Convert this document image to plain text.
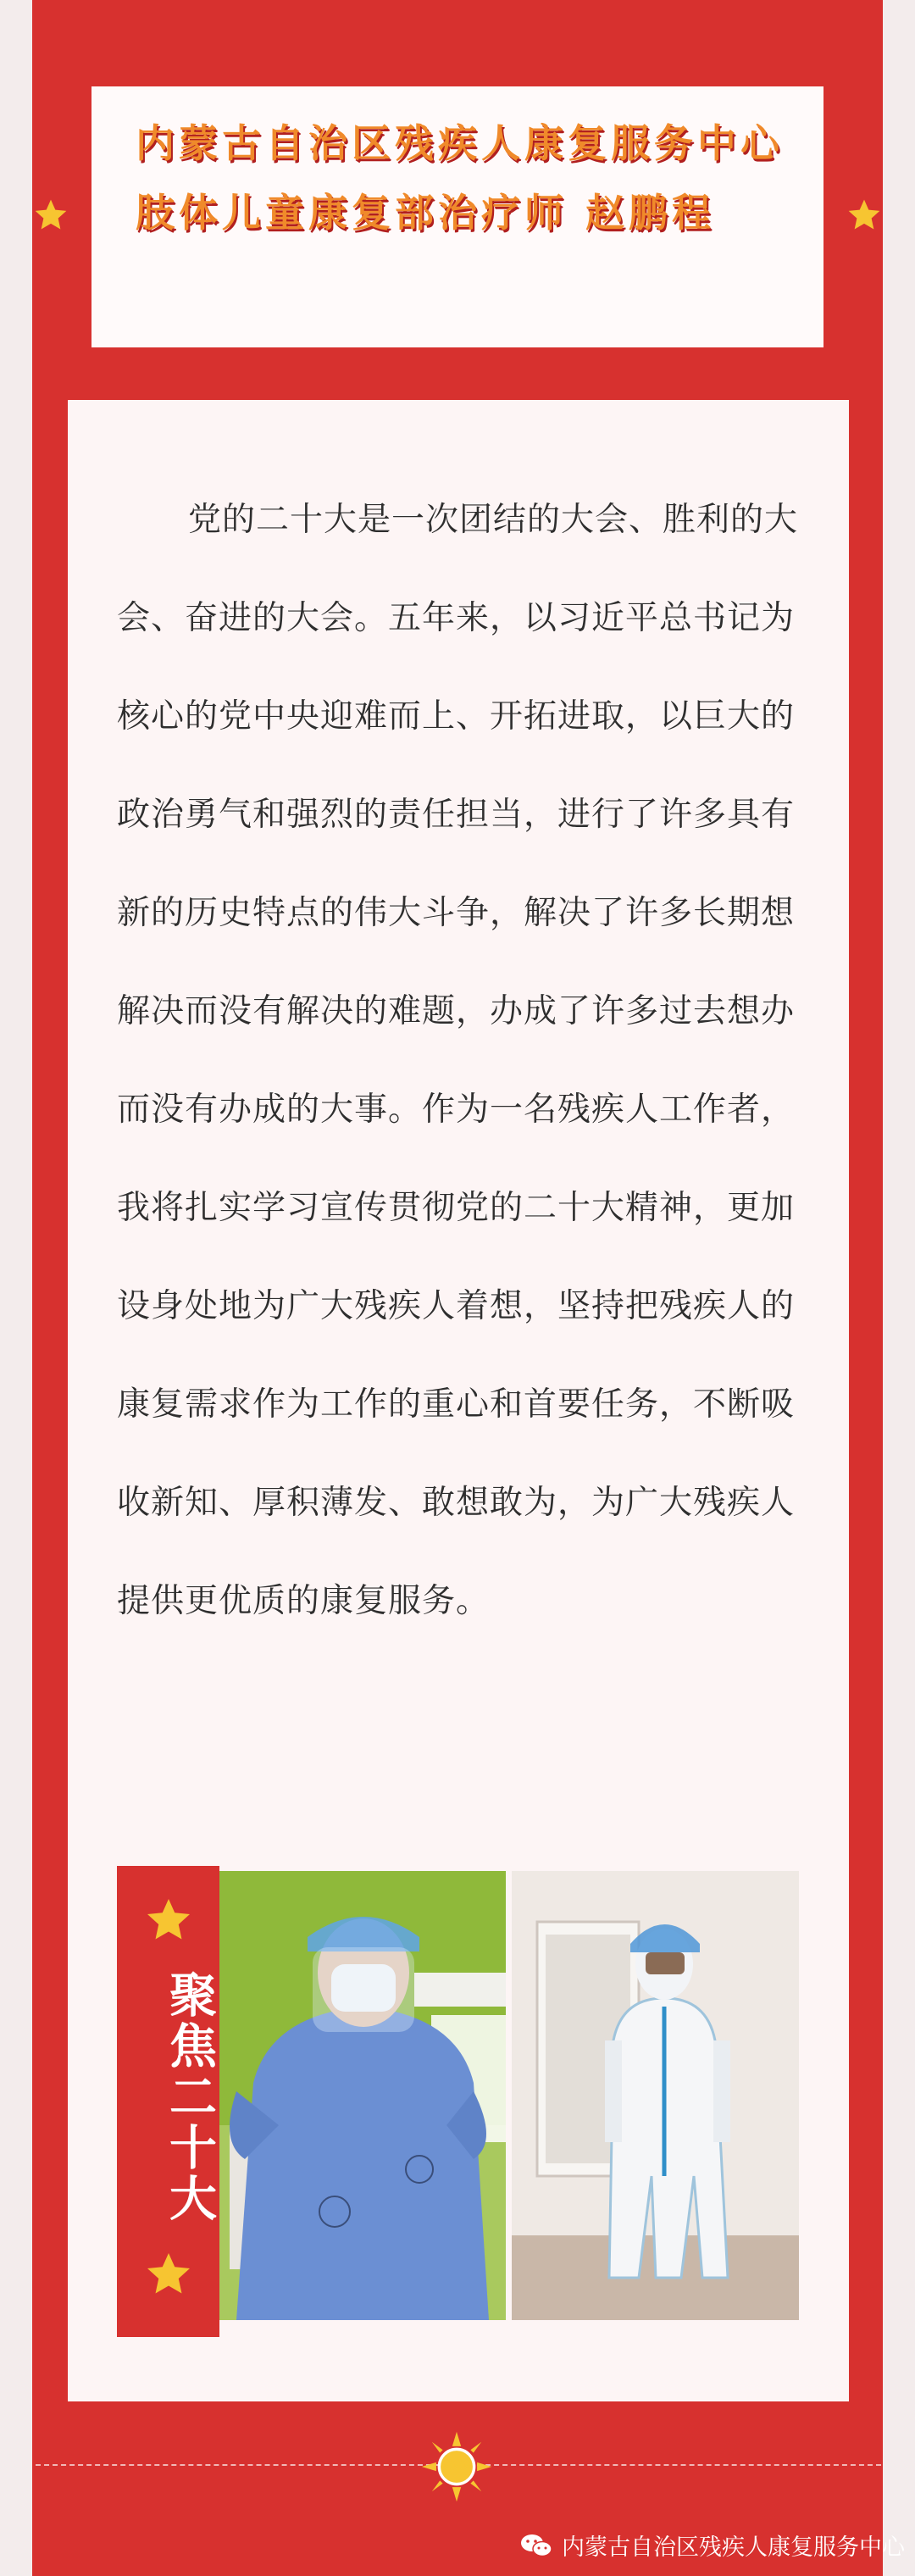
内蒙古自治区残疾人康复服务中心肢体儿童康复部治疗师 赵鹏程

党的二十大是一次团结的大会、胜利的大会、奋进的大会。五年来，以习近平总书记为核心的党中央迎难而上、开拓进取，以巨大的政治勇气和强烈的责任担当，进行了许多具有新的历史特点的伟大斗争，解决了许多长期想解决而没有解决的难题，办成了许多过去想办而没有办成的大事。作为一名残疾人工作者，我将扎实学习宣传贯彻党的二十大精神，更加设身处地为广大残疾人着想，坚持把残疾人的康复需求作为工作的重心和首要任务，不断吸收新知、厚积薄发、敢想敢为，为广大残疾人提供更优质的康复服务。

聚焦二十大
内蒙古自治区残疾人康复服务中心
